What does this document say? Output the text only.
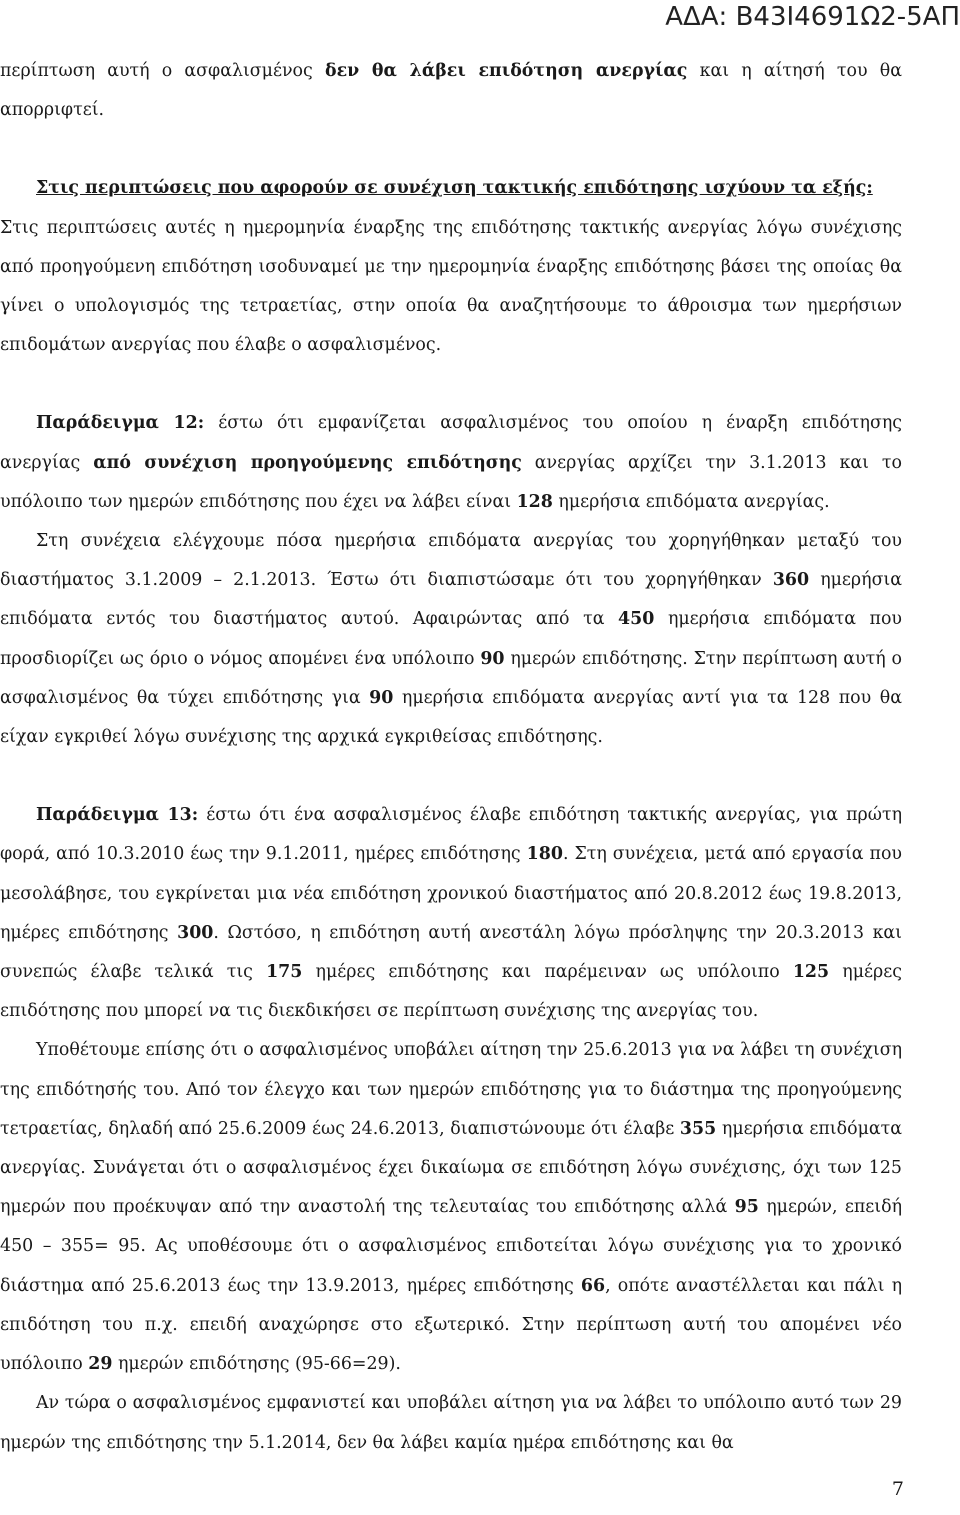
ΑΔΑ: Β43Ι4691Ω2-5ΑΠ

περίπτωση αυτή ο ασφαλισμένος δεν θα λάβει επιδότηση ανεργίας και η αίτησή του θα απορριφτεί.

Στις περιπτώσεις που αφορούν σε συνέχιση τακτικής επιδότησης ισχύουν τα εξής:

Στις περιπτώσεις αυτές η ημερομηνία έναρξης της επιδότησης τακτικής ανεργίας λόγω συνέχισης από προηγούμενη επιδότηση ισοδυναμεί με την ημερομηνία έναρξης επιδότησης βάσει της οποίας θα γίνει ο υπολογισμός της τετραετίας, στην οποία θα αναζητήσουμε το άθροισμα των ημερήσιων επιδομάτων ανεργίας που έλαβε ο ασφαλισμένος.

Παράδειγμα 12: έστω ότι εμφανίζεται ασφαλισμένος του οποίου η έναρξη επιδότησης ανεργίας από συνέχιση προηγούμενης επιδότησης ανεργίας αρχίζει την 3.1.2013 και το υπόλοιπο των ημερών επιδότησης που έχει να λάβει είναι 128 ημερήσια επιδόματα ανεργίας.

Στη συνέχεια ελέγχουμε πόσα ημερήσια επιδόματα ανεργίας του χορηγήθηκαν μεταξύ του διαστήματος 3.1.2009 – 2.1.2013. Έστω ότι διαπιστώσαμε ότι του χορηγήθηκαν 360 ημερήσια επιδόματα εντός του διαστήματος αυτού. Αφαιρώντας από τα 450 ημερήσια επιδόματα που προσδιορίζει ως όριο ο νόμος απομένει ένα υπόλοιπο 90 ημερών επιδότησης. Στην περίπτωση αυτή ο ασφαλισμένος θα τύχει επιδότησης για 90 ημερήσια επιδόματα ανεργίας αντί για τα 128 που θα είχαν εγκριθεί λόγω συνέχισης της αρχικά εγκριθείσας επιδότησης.

Παράδειγμα 13: έστω ότι ένα ασφαλισμένος έλαβε επιδότηση τακτικής ανεργίας, για πρώτη φορά, από 10.3.2010 έως την 9.1.2011, ημέρες επιδότησης 180. Στη συνέχεια, μετά από εργασία που μεσολάβησε, του εγκρίνεται μια νέα επιδότηση χρονικού διαστήματος από 20.8.2012 έως 19.8.2013, ημέρες επιδότησης 300. Ωστόσο, η επιδότηση αυτή ανεστάλη λόγω πρόσληψης την 20.3.2013 και συνεπώς έλαβε τελικά τις 175 ημέρες επιδότησης και παρέμειναν ως υπόλοιπο 125 ημέρες επιδότησης που μπορεί να τις διεκδικήσει σε περίπτωση συνέχισης της ανεργίας του.

Υποθέτουμε επίσης ότι ο ασφαλισμένος υποβάλει αίτηση την 25.6.2013 για να λάβει τη συνέχιση της επιδότησής του. Από τον έλεγχο και των ημερών επιδότησης για το διάστημα της προηγούμενης τετραετίας, δηλαδή από 25.6.2009 έως 24.6.2013, διαπιστώνουμε ότι έλαβε 355 ημερήσια επιδόματα ανεργίας. Συνάγεται ότι ο ασφαλισμένος έχει δικαίωμα σε επιδότηση λόγω συνέχισης, όχι των 125 ημερών που προέκυψαν από την αναστολή της τελευταίας του επιδότησης αλλά 95 ημερών, επειδή 450 – 355= 95. Ας υποθέσουμε ότι ο ασφαλισμένος επιδοτείται λόγω συνέχισης για το χρονικό διάστημα από 25.6.2013 έως την 13.9.2013, ημέρες επιδότησης 66, οπότε αναστέλλεται και πάλι η επιδότηση του π.χ. επειδή αναχώρησε στο εξωτερικό. Στην περίπτωση αυτή του απομένει νέο υπόλοιπο 29 ημερών επιδότησης (95-66=29).

Αν τώρα ο ασφαλισμένος εμφανιστεί και υποβάλει αίτηση για να λάβει το υπόλοιπο αυτό των 29 ημερών της επιδότησης την 5.1.2014, δεν θα λάβει καμία ημέρα επιδότησης και θα

7
